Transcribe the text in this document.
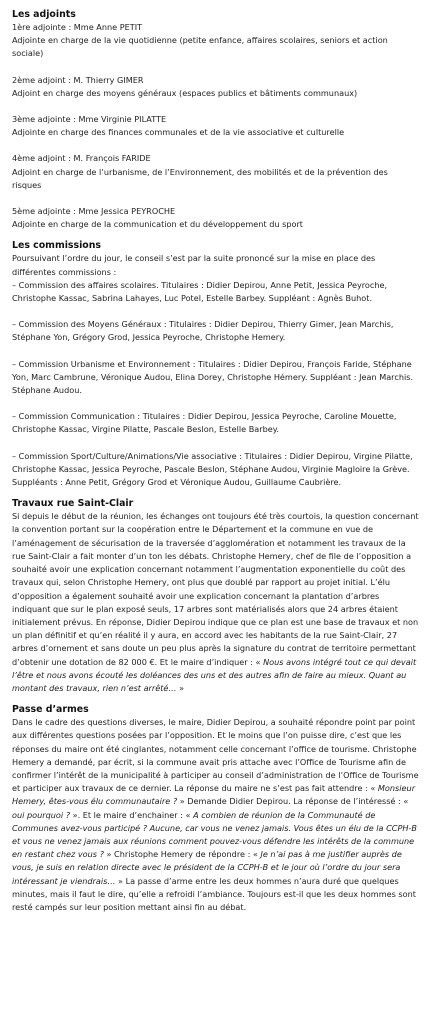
Les adjoints

1ère adjointe : Mme Anne PETIT

Adjointe en charge de la vie quotidienne (petite enfance, affaires scolaires, seniors et action sociale)

2ème adjoint : M. Thierry GIMER

Adjoint en charge des moyens généraux (espaces publics et bâtiments communaux)

3ème adjointe : Mme Virginie PILATTE

Adjointe en charge des finances communales et de la vie associative et culturelle

4ème adjoint : M. François FARIDE

Adjoint en charge de l’urbanisme, de l’Environnement, des mobilités et de la prévention des risques

5ème adjointe : Mme Jessica PEYROCHE

Adjointe en charge de la communication et du développement du sport

Les commissions

Poursuivant l’ordre du jour, le conseil s’est par la suite prononcé sur la mise en place des différentes commissions :

– Commission des affaires scolaires. Titulaires : Didier Depirou, Anne Petit, Jessica Peyroche, Christophe Kassac, Sabrina Lahayes, Luc Potel, Estelle Barbey. Suppléant : Agnès Buhot.

– Commission des Moyens Généraux : Titulaires : Didier Depirou, Thierry Gimer, Jean Marchis, Stéphane Yon, Grégory Grod, Jessica Peyroche, Christophe Hemery.

– Commission Urbanisme et Environnement : Titulaires : Didier Depirou, François Faride, Stéphane Yon, Marc Cambrune, Véronique Audou, Elina Dorey, Christophe Hémery. Suppléant : Jean Marchis. Stéphane Audou.

– Commission Communication : Titulaires : Didier Depirou, Jessica Peyroche, Caroline Mouette, Christophe Kassac, Virgine Pilatte, Pascale Beslon, Estelle Barbey.

– Commission Sport/Culture/Animations/Vie associative : Titulaires : Didier Depirou, Virgine Pilatte, Christophe Kassac, Jessica Peyroche, Pascale Beslon, Stéphane Audou, Virginie Magloire la Grève. Suppléants : Anne Petit, Grégory Grod et Véronique Audou, Guillaume Caubrière.

Travaux rue Saint-Clair

Si depuis le début de la réunion, les échanges ont toujours été très courtois, la question concernant la convention portant sur la coopération entre le Département et la commune en vue de l’aménagement de sécurisation de la traversée d’agglomération et notamment les travaux de la rue Saint-Clair a fait monter d’un ton les débats. Christophe Hemery, chef de file de l’opposition a souhaité avoir une explication concernant notamment l’augmentation exponentielle du coût des travaux qui, selon Christophe Hemery, ont plus que doublé par rapport au projet initial. L’élu d’opposition a également souhaité avoir une explication concernant la plantation d’arbres indiquant que sur le plan exposé seuls, 17 arbres sont matérialisés alors que 24 arbres étaient initialement prévus. En réponse, Didier Depirou indique que ce plan est une base de travaux et non un plan définitif et qu’en réalité il y aura, en accord avec les habitants de la rue Saint-Clair, 27 arbres d’ornement et sans doute un peu plus après la signature du contrat de territoire permettant d’obtenir une dotation de 82 000 €. Et le maire d’indiquer : « Nous avons intégré tout ce qui devait l’être et nous avons écouté les doléances des uns et des autres afin de faire au mieux. Quant au montant des travaux, rien n’est arrêté… »

Passe d’armes

Dans le cadre des questions diverses, le maire, Didier Depirou, a souhaité répondre point par point aux différentes questions posées par l’opposition. Et le moins que l’on puisse dire, c’est que les réponses du maire ont été cinglantes, notamment celle concernant l’office de tourisme. Christophe Hemery a demandé, par écrit, si la commune avait pris attache avec l’Office de Tourisme afin de confirmer l’intérêt de la municipalité à participer au conseil d’administration de l’Office de Tourisme et participer aux travaux de ce dernier. La réponse du maire ne s’est pas fait attendre : « Monsieur Hemery, êtes-vous élu communautaire ? » Demande Didier Depirou. La réponse de l’intéressé : « oui pourquoi ? ». Et le maire d’enchainer : « A combien de réunion de la Communauté de Communes avez-vous participé ? Aucune, car vous ne venez jamais. Vous êtes un élu de la CCPH-B et vous ne venez jamais aux réunions comment pouvez-vous défendre les intérêts de la commune en restant chez vous ? » Christophe Hemery de répondre : « Je n’ai pas à me justifier auprès de vous, je suis en relation directe avec le président de la CCPH-B et le jour où l’ordre du jour sera intéressant je viendrais… » La passe d’arme entre les deux hommes n’aura duré que quelques minutes, mais il faut le dire, qu’elle a refroidi l’ambiance. Toujours est-il que les deux hommes sont resté campés sur leur position mettant ainsi fin au débat.
